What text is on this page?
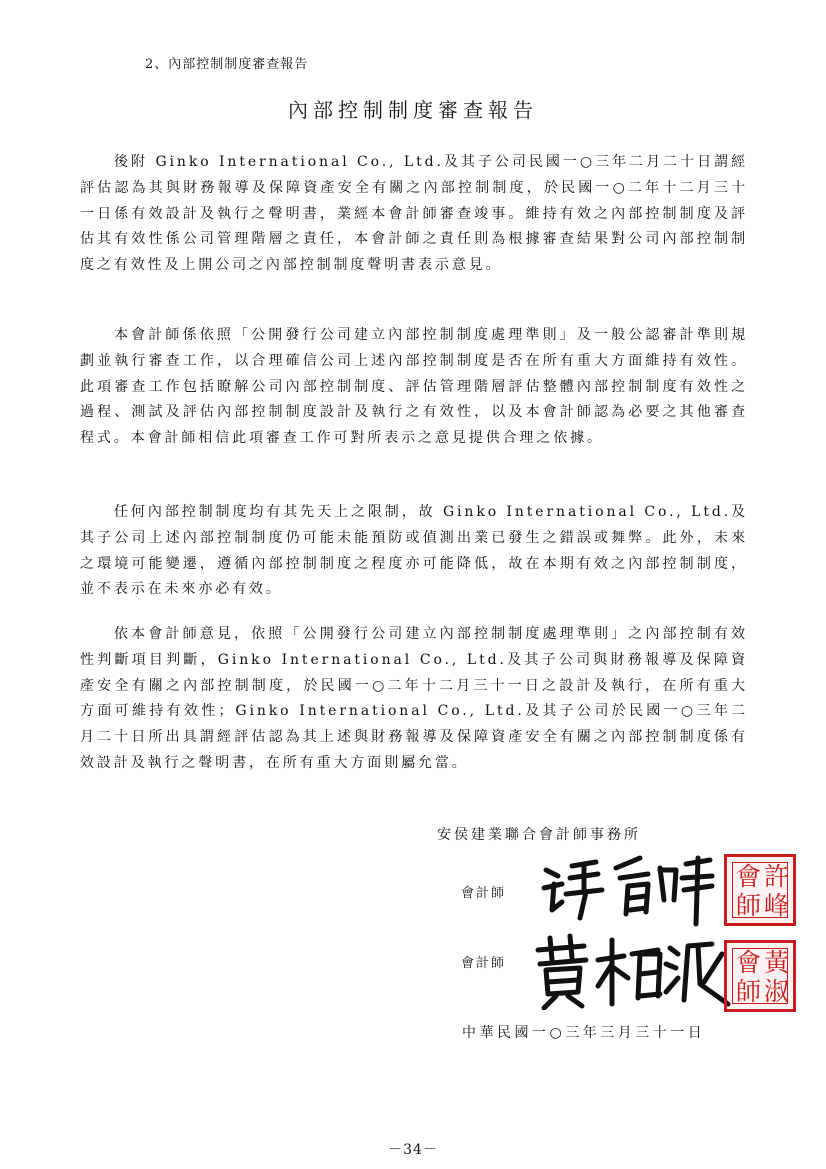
2、內部控制制度審查報告
內部控制制度審查報告

後附 Ginko International Co., Ltd.及其子公司民國一○三年二月二十日謂經評估認為其與財務報導及保障資產安全有關之內部控制制度，於民國一○二年十二月三十一日係有效設計及執行之聲明書，業經本會計師審查竣事。維持有效之內部控制制度及評估其有效性係公司管理階層之責任，本會計師之責任則為根據審查結果對公司內部控制制度之有效性及上開公司之內部控制制度聲明書表示意見。

本會計師係依照「公開發行公司建立內部控制制度處理準則」及一般公認審計準則規劃並執行審查工作，以合理確信公司上述內部控制制度是否在所有重大方面維持有效性。此項審查工作包括瞭解公司內部控制制度、評估管理階層評估整體內部控制制度有效性之過程、測試及評估內部控制制度設計及執行之有效性，以及本會計師認為必要之其他審查程式。本會計師相信此項審查工作可對所表示之意見提供合理之依據。

任何內部控制制度均有其先天上之限制，故 Ginko International Co., Ltd.及其子公司上述內部控制制度仍可能未能預防或偵測出業已發生之錯誤或舞弊。此外，未來之環境可能變遷，遵循內部控制制度之程度亦可能降低，故在本期有效之內部控制制度，並不表示在未來亦必有效。

依本會計師意見，依照「公開發行公司建立內部控制制度處理準則」之內部控制有效性判斷項目判斷，Ginko International Co., Ltd.及其子公司與財務報導及保障資產安全有關之內部控制制度，於民國一○二年十二月三十一日之設計及執行，在所有重大方面可維持有效性；Ginko International Co., Ltd.及其子公司於民國一○三年二月二十日所出具謂經評估認為其上述與財務報導及保障資產安全有關之內部控制制度係有效設計及執行之聲明書，在所有重大方面則屬允當。

安侯建業聯合會計師事務所
會計師
許
會
峰
師
會計師	黃
會
淑
師
中華民國一○三年三月三十一日
－34－
